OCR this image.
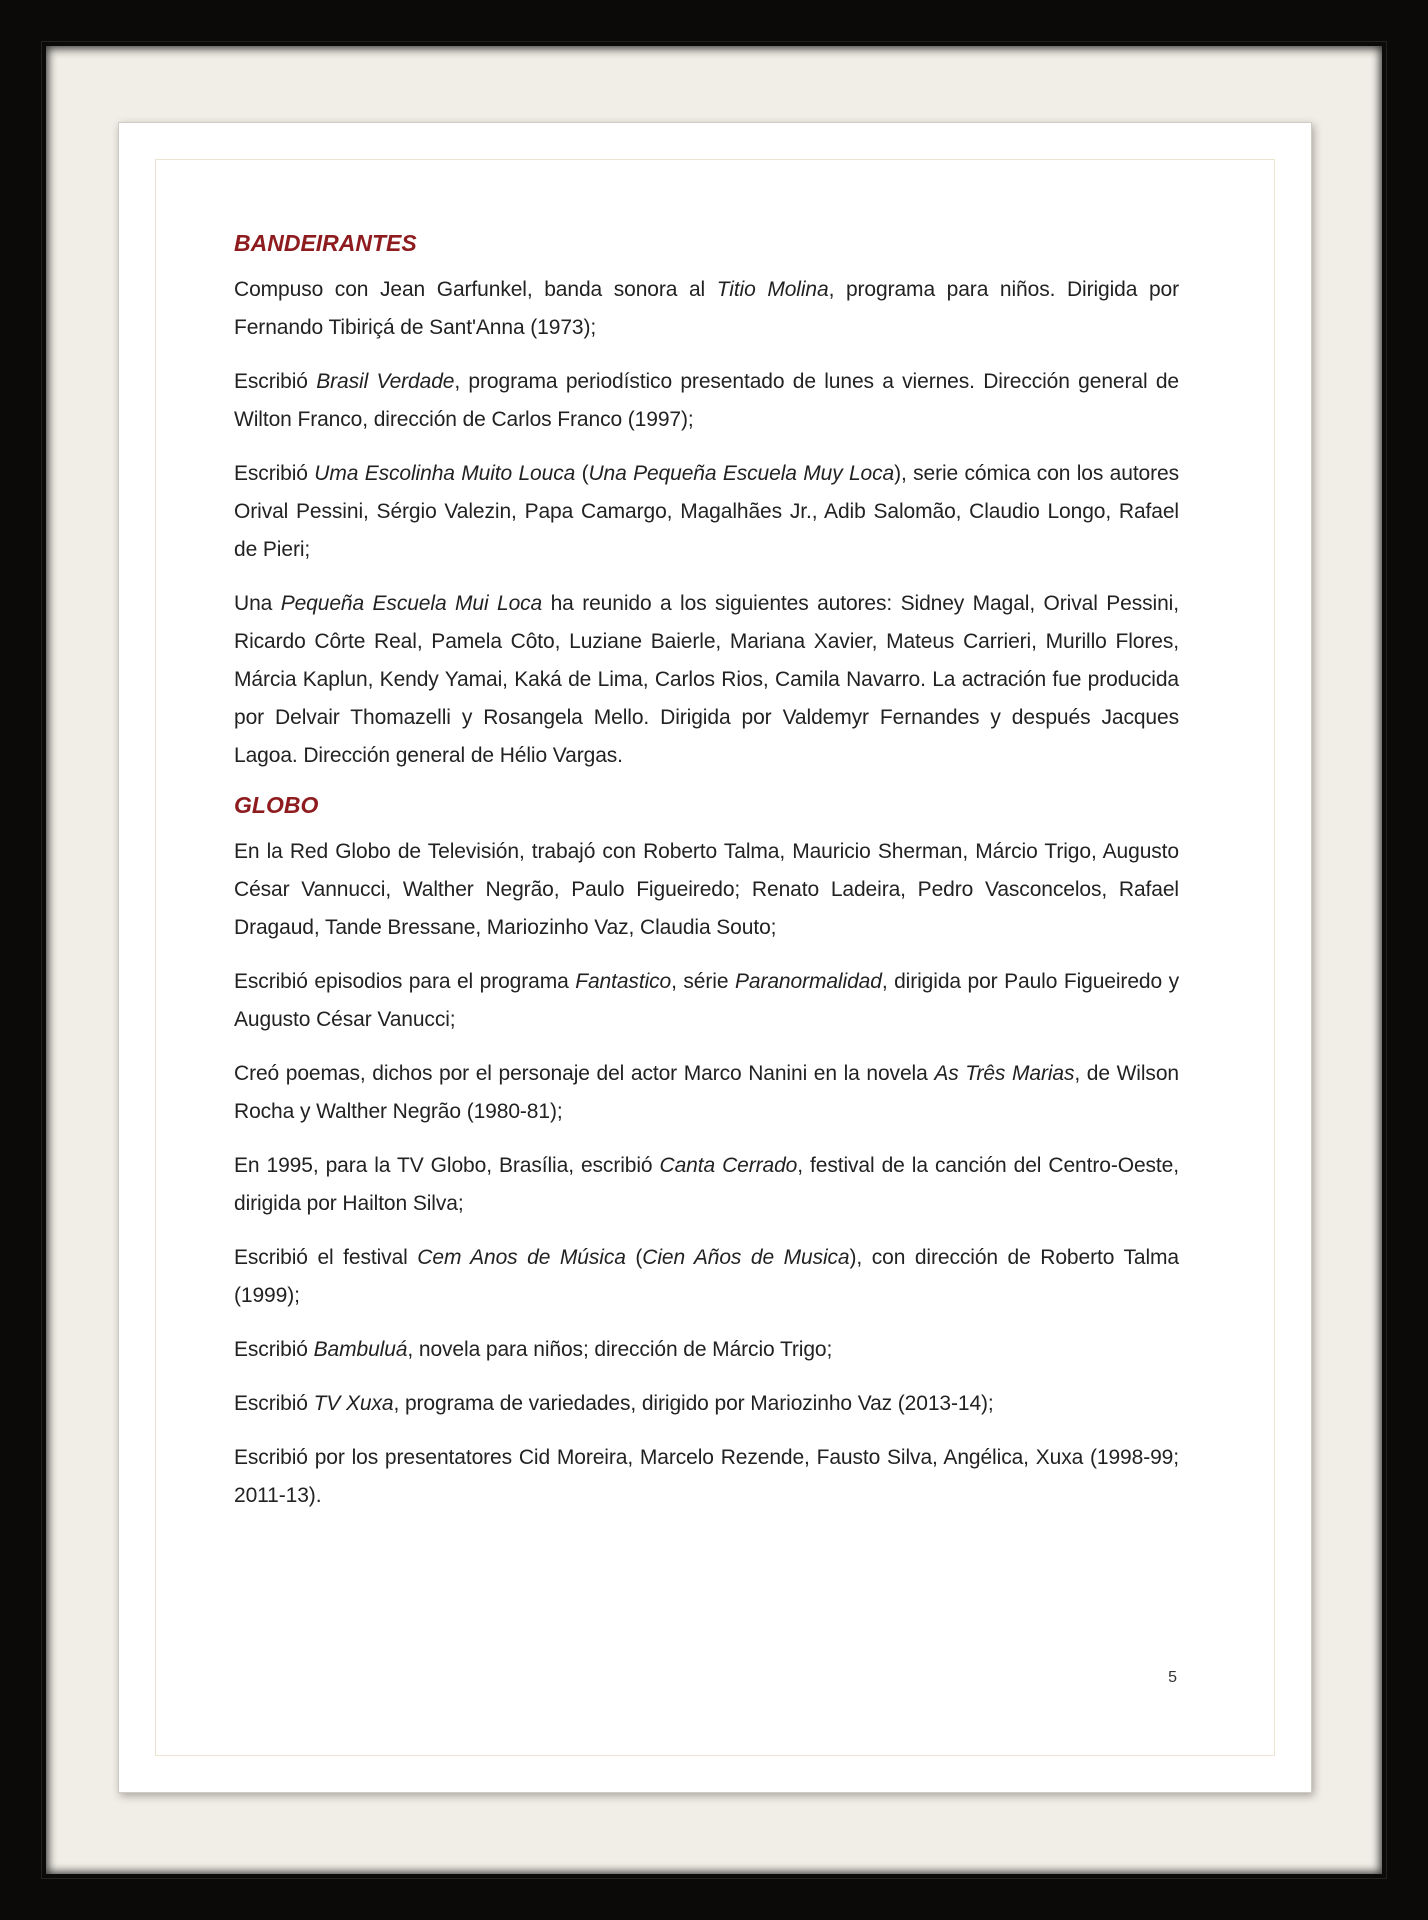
BANDEIRANTES

Compuso con Jean Garfunkel, banda sonora al Titio Molina, programa para niños. Dirigida por Fernando Tibiriçá de Sant'Anna (1973);

Escribió Brasil Verdade, programa periodístico presentado de lunes a viernes. Dirección general de Wilton Franco, dirección de Carlos Franco (1997);

Escribió Uma Escolinha Muito Louca (Una Pequeña Escuela Muy Loca), serie cómica con los autores Orival Pessini, Sérgio Valezin, Papa Camargo, Magalhães Jr., Adib Salomão, Claudio Longo, Rafael de Pieri;

Una Pequeña Escuela Mui Loca ha reunido a los siguientes autores: Sidney Magal, Orival Pessini, Ricardo Côrte Real, Pamela Côto, Luziane Baierle, Mariana Xavier, Mateus Carrieri, Murillo Flores, Márcia Kaplun, Kendy Yamai, Kaká de Lima, Carlos Rios, Camila Navarro. La actración fue producida por Delvair Thomazelli y Rosangela Mello. Dirigida por Valdemyr Fernandes y después Jacques Lagoa. Dirección general de Hélio Vargas.

GLOBO

En la Red Globo de Televisión, trabajó con Roberto Talma, Mauricio Sherman, Márcio Trigo, Augusto César Vannucci, Walther Negrão, Paulo Figueiredo; Renato Ladeira, Pedro Vasconcelos, Rafael Dragaud, Tande Bressane, Mariozinho Vaz, Claudia Souto;

Escribió episodios para el programa Fantastico, série Paranormalidad, dirigida por Paulo Figueiredo y Augusto César Vanucci;

Creó poemas, dichos por el personaje del actor Marco Nanini en la novela As Três Marias, de Wilson Rocha y Walther Negrão (1980-81);

En 1995, para la TV Globo, Brasília, escribió Canta Cerrado, festival de la canción del Centro-Oeste, dirigida por Hailton Silva;

Escribió el festival Cem Anos de Música (Cien Años de Musica), con dirección de Roberto Talma (1999);

Escribió Bambuluá, novela para niños; dirección de Márcio Trigo;

Escribió TV Xuxa, programa de variedades, dirigido por Mariozinho Vaz (2013-14);

Escribió por los presentatores Cid Moreira, Marcelo Rezende, Fausto Silva, Angélica, Xuxa (1998-99; 2011-13).

5
